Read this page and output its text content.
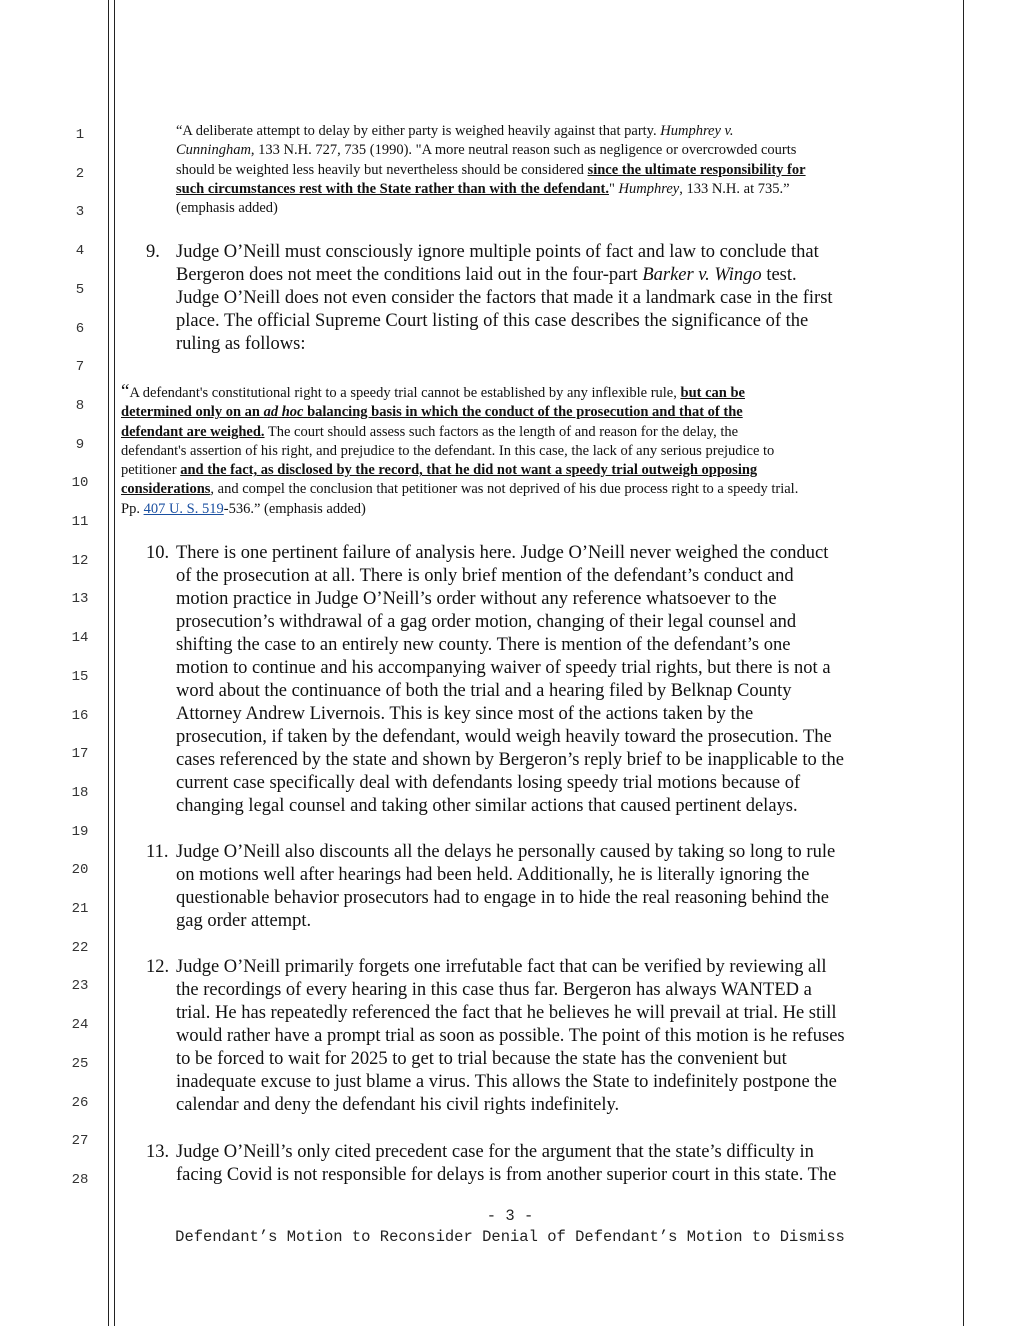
1
2
3
4
5
6
7
8
9
10
11
12
13
14
15
16
17
18
19
20
21
22
23
24
25
26
27
28
“A deliberate attempt to delay by either party is weighed heavily against that party. Humphrey v.
Cunningham, 133 N.H. 727, 735 (1990). "A more neutral reason such as negligence or overcrowded courts
should be weighted less heavily but nevertheless should be considered since the ultimate responsibility for
such circumstances rest with the State rather than with the defendant." Humphrey, 133 N.H. at 735.”
(emphasis added)
9. Judge O’Neill must consciously ignore multiple points of fact and law to conclude that
Bergeron does not meet the conditions laid out in the four-part Barker v. Wingo test.
Judge O’Neill does not even consider the factors that made it a landmark case in the first
place. The official Supreme Court listing of this case describes the significance of the
ruling as follows:
“A defendant's constitutional right to a speedy trial cannot be established by any inflexible rule, but can be
determined only on an ad hoc balancing basis in which the conduct of the prosecution and that of the
defendant are weighed. The court should assess such factors as the length of and reason for the delay, the
defendant's assertion of his right, and prejudice to the defendant. In this case, the lack of any serious prejudice to
petitioner and the fact, as disclosed by the record, that he did not want a speedy trial outweigh opposing
considerations, and compel the conclusion that petitioner was not deprived of his due process right to a speedy trial.
Pp. 407 U. S. 519-536.” (emphasis added)
10. There is one pertinent failure of analysis here. Judge O’Neill never weighed the conduct
of the prosecution at all. There is only brief mention of the defendant’s conduct and
motion practice in Judge O’Neill’s order without any reference whatsoever to the
prosecution’s withdrawal of a gag order motion, changing of their legal counsel and
shifting the case to an entirely new county. There is mention of the defendant’s one
motion to continue and his accompanying waiver of speedy trial rights, but there is not a
word about the continuance of both the trial and a hearing filed by Belknap County
Attorney Andrew Livernois. This is key since most of the actions taken by the
prosecution, if taken by the defendant, would weigh heavily toward the prosecution. The
cases referenced by the state and shown by Bergeron’s reply brief to be inapplicable to the
current case specifically deal with defendants losing speedy trial motions because of
changing legal counsel and taking other similar actions that caused pertinent delays.
11. Judge O’Neill also discounts all the delays he personally caused by taking so long to rule
on motions well after hearings had been held. Additionally, he is literally ignoring the
questionable behavior prosecutors had to engage in to hide the real reasoning behind the
gag order attempt.
12. Judge O’Neill primarily forgets one irrefutable fact that can be verified by reviewing all
the recordings of every hearing in this case thus far. Bergeron has always WANTED a
trial. He has repeatedly referenced the fact that he believes he will prevail at trial. He still
would rather have a prompt trial as soon as possible. The point of this motion is he refuses
to be forced to wait for 2025 to get to trial because the state has the convenient but
inadequate excuse to just blame a virus. This allows the State to indefinitely postpone the
calendar and deny the defendant his civil rights indefinitely.
13. Judge O’Neill’s only cited precedent case for the argument that the state’s difficulty in
facing Covid is not responsible for delays is from another superior court in this state. The
- 3 -
Defendant’s Motion to Reconsider Denial of Defendant’s Motion to Dismiss
